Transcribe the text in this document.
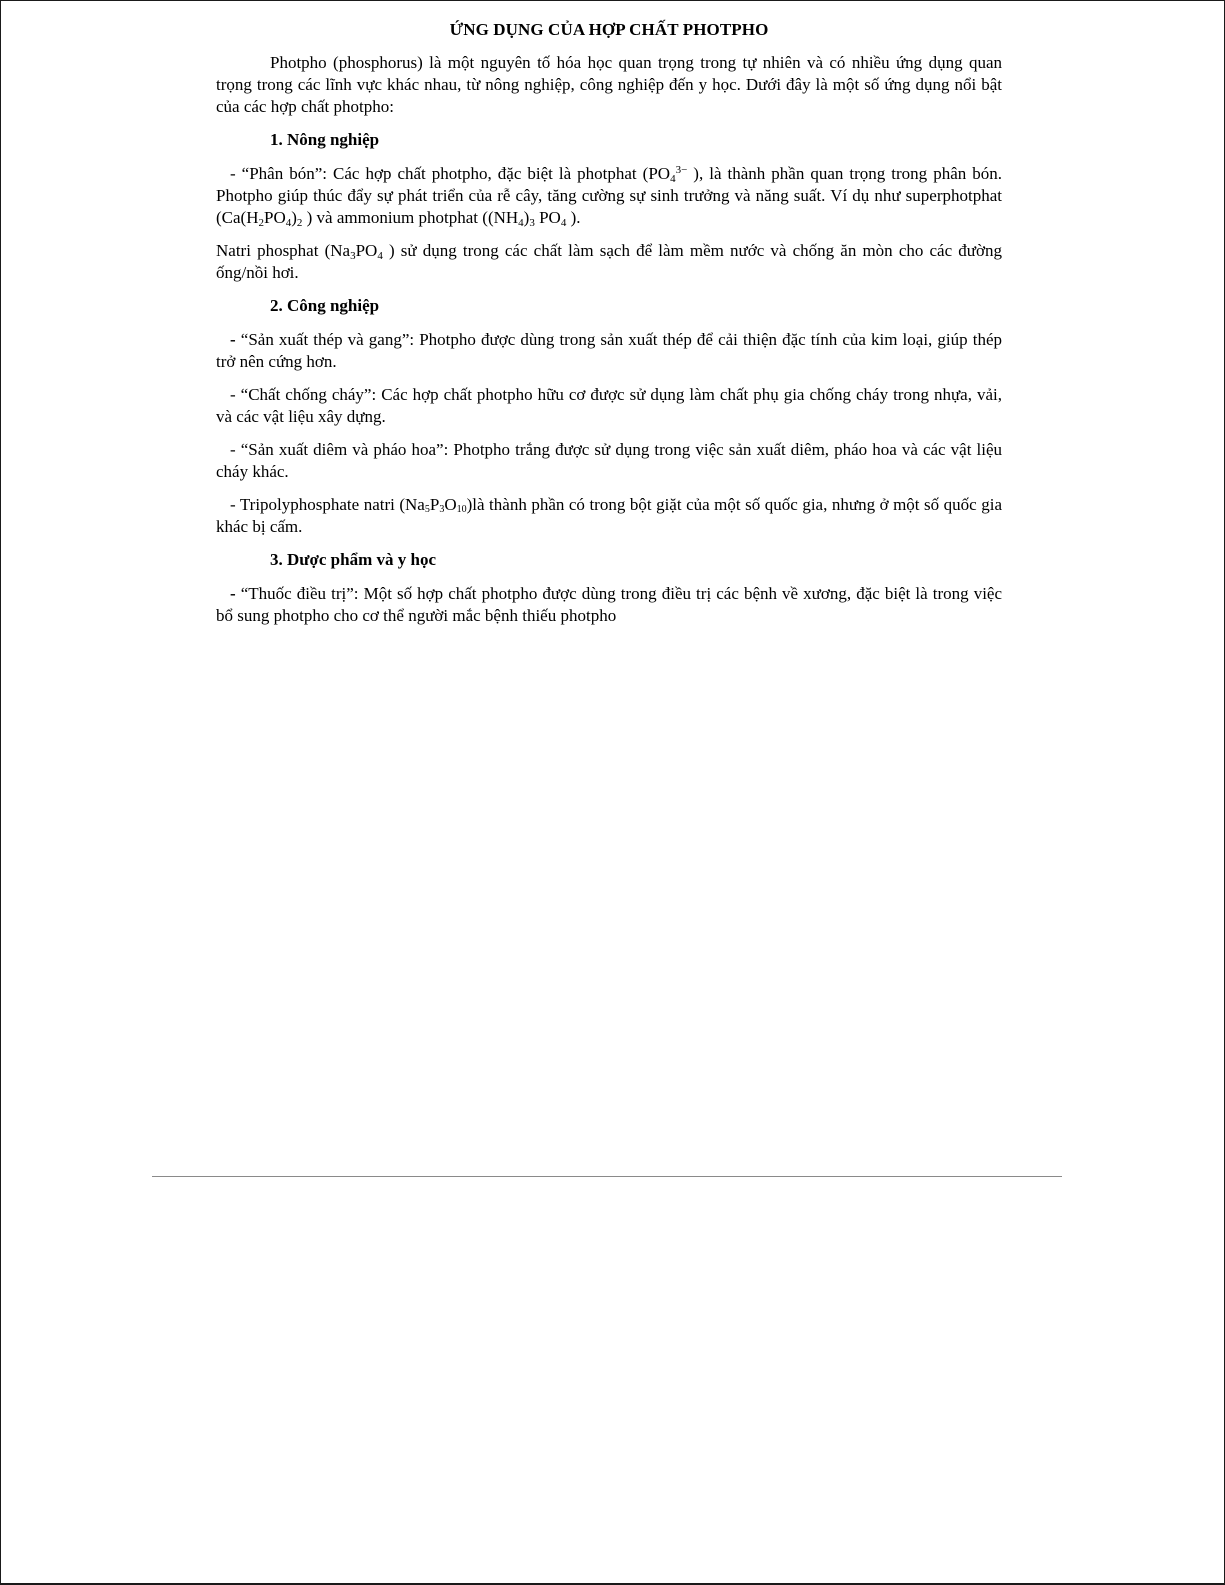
ỨNG DỤNG CỦA HỢP CHẤT PHOTPHO

Photpho (phosphorus) là một nguyên tố hóa học quan trọng trong tự nhiên và có nhiều ứng dụng quan trọng trong các lĩnh vực khác nhau, từ nông nghiệp, công nghiệp đến y học. Dưới đây là một số ứng dụng nổi bật của các hợp chất photpho:

1. Nông nghiệp

- “Phân bón”: Các hợp chất photpho, đặc biệt là photphat ($PO_4^{3-}$ ), là thành phần quan trọng trong phân bón. Photpho giúp thúc đẩy sự phát triển của rễ cây, tăng cường sự sinh trưởng và năng suất. Ví dụ như superphotphat ($Ca(H_2PO_4)_2$ ) và ammonium photphat ($(NH_4)_3$ $PO_4$ ).

Natri phosphat ($Na_3PO_4$ ) sử dụng trong các chất làm sạch để làm mềm nước và chống ăn mòn cho các đường ống/nồi hơi.

2. Công nghiệp

- “Sản xuất thép và gang”: Photpho được dùng trong sản xuất thép để cải thiện đặc tính của kim loại, giúp thép trở nên cứng hơn.

- “Chất chống cháy”: Các hợp chất photpho hữu cơ được sử dụng làm chất phụ gia chống cháy trong nhựa, vải, và các vật liệu xây dựng.

- “Sản xuất diêm và pháo hoa”: Photpho trắng được sử dụng trong việc sản xuất diêm, pháo hoa và các vật liệu cháy khác.

- Tripolyphosphate natri $(Na_5P_3O_{10})là$ thành phần có trong bột giặt của một số quốc gia, nhưng ở một số quốc gia khác bị cấm.

3. Dược phẩm và y học

- “Thuốc điều trị”: Một số hợp chất photpho được dùng trong điều trị các bệnh về xương, đặc biệt là trong việc bổ sung photpho cho cơ thể người mắc bệnh thiếu photpho
